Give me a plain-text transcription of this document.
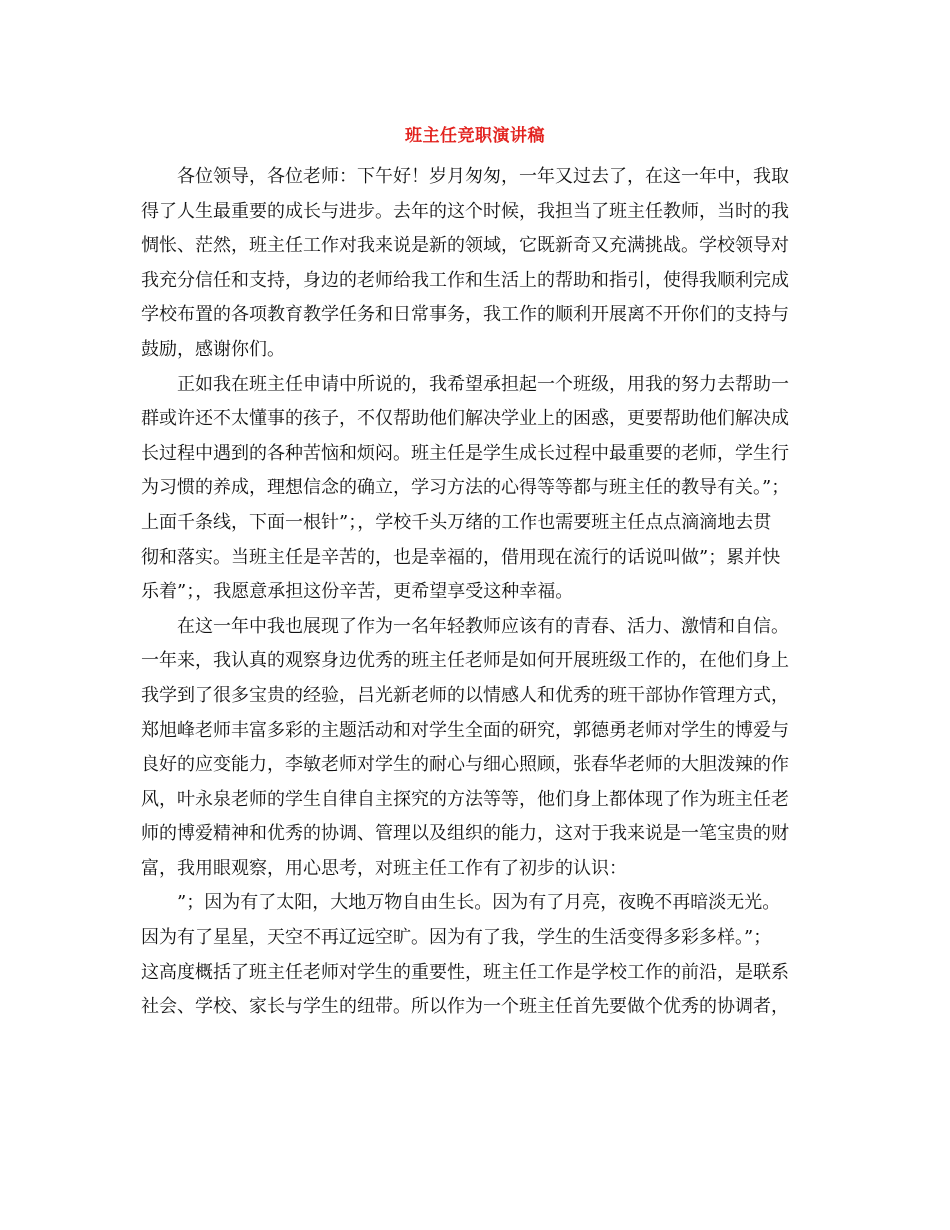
班主任竞职演讲稿
各位领导，各位老师：下午好！岁月匆匆，一年又过去了，在这一年中，我取
得了人生最重要的成长与进步。去年的这个时候，我担当了班主任教师，当时的我
惆怅、茫然，班主任工作对我来说是新的领域，它既新奇又充满挑战。学校领导对
我充分信任和支持，身边的老师给我工作和生活上的帮助和指引，使得我顺利完成
学校布置的各项教育教学任务和日常事务，我工作的顺利开展离不开你们的支持与
鼓励，感谢你们。
正如我在班主任申请中所说的，我希望承担起一个班级，用我的努力去帮助一
群或许还不太懂事的孩子，不仅帮助他们解决学业上的困惑，更要帮助他们解决成
长过程中遇到的各种苦恼和烦闷。班主任是学生成长过程中最重要的老师，学生行
为习惯的养成，理想信念的确立，学习方法的心得等等都与班主任的教导有关。”；
上面千条线，下面一根针”；，学校千头万绪的工作也需要班主任点点滴滴地去贯
彻和落实。当班主任是辛苦的，也是幸福的，借用现在流行的话说叫做”；累并快
乐着”；，我愿意承担这份辛苦，更希望享受这种幸福。
在这一年中我也展现了作为一名年轻教师应该有的青春、活力、激情和自信。
一年来，我认真的观察身边优秀的班主任老师是如何开展班级工作的，在他们身上
我学到了很多宝贵的经验，吕光新老师的以情感人和优秀的班干部协作管理方式，
郑旭峰老师丰富多彩的主题活动和对学生全面的研究，郭德勇老师对学生的博爱与
良好的应变能力，李敏老师对学生的耐心与细心照顾，张春华老师的大胆泼辣的作
风，叶永泉老师的学生自律自主探究的方法等等，他们身上都体现了作为班主任老
师的博爱精神和优秀的协调、管理以及组织的能力，这对于我来说是一笔宝贵的财
富，我用眼观察，用心思考，对班主任工作有了初步的认识：
”；因为有了太阳，大地万物自由生长。因为有了月亮，夜晚不再暗淡无光。
因为有了星星，天空不再辽远空旷。因为有了我，学生的生活变得多彩多样。”；
这高度概括了班主任老师对学生的重要性，班主任工作是学校工作的前沿，是联系
社会、学校、家长与学生的纽带。所以作为一个班主任首先要做个优秀的协调者，
